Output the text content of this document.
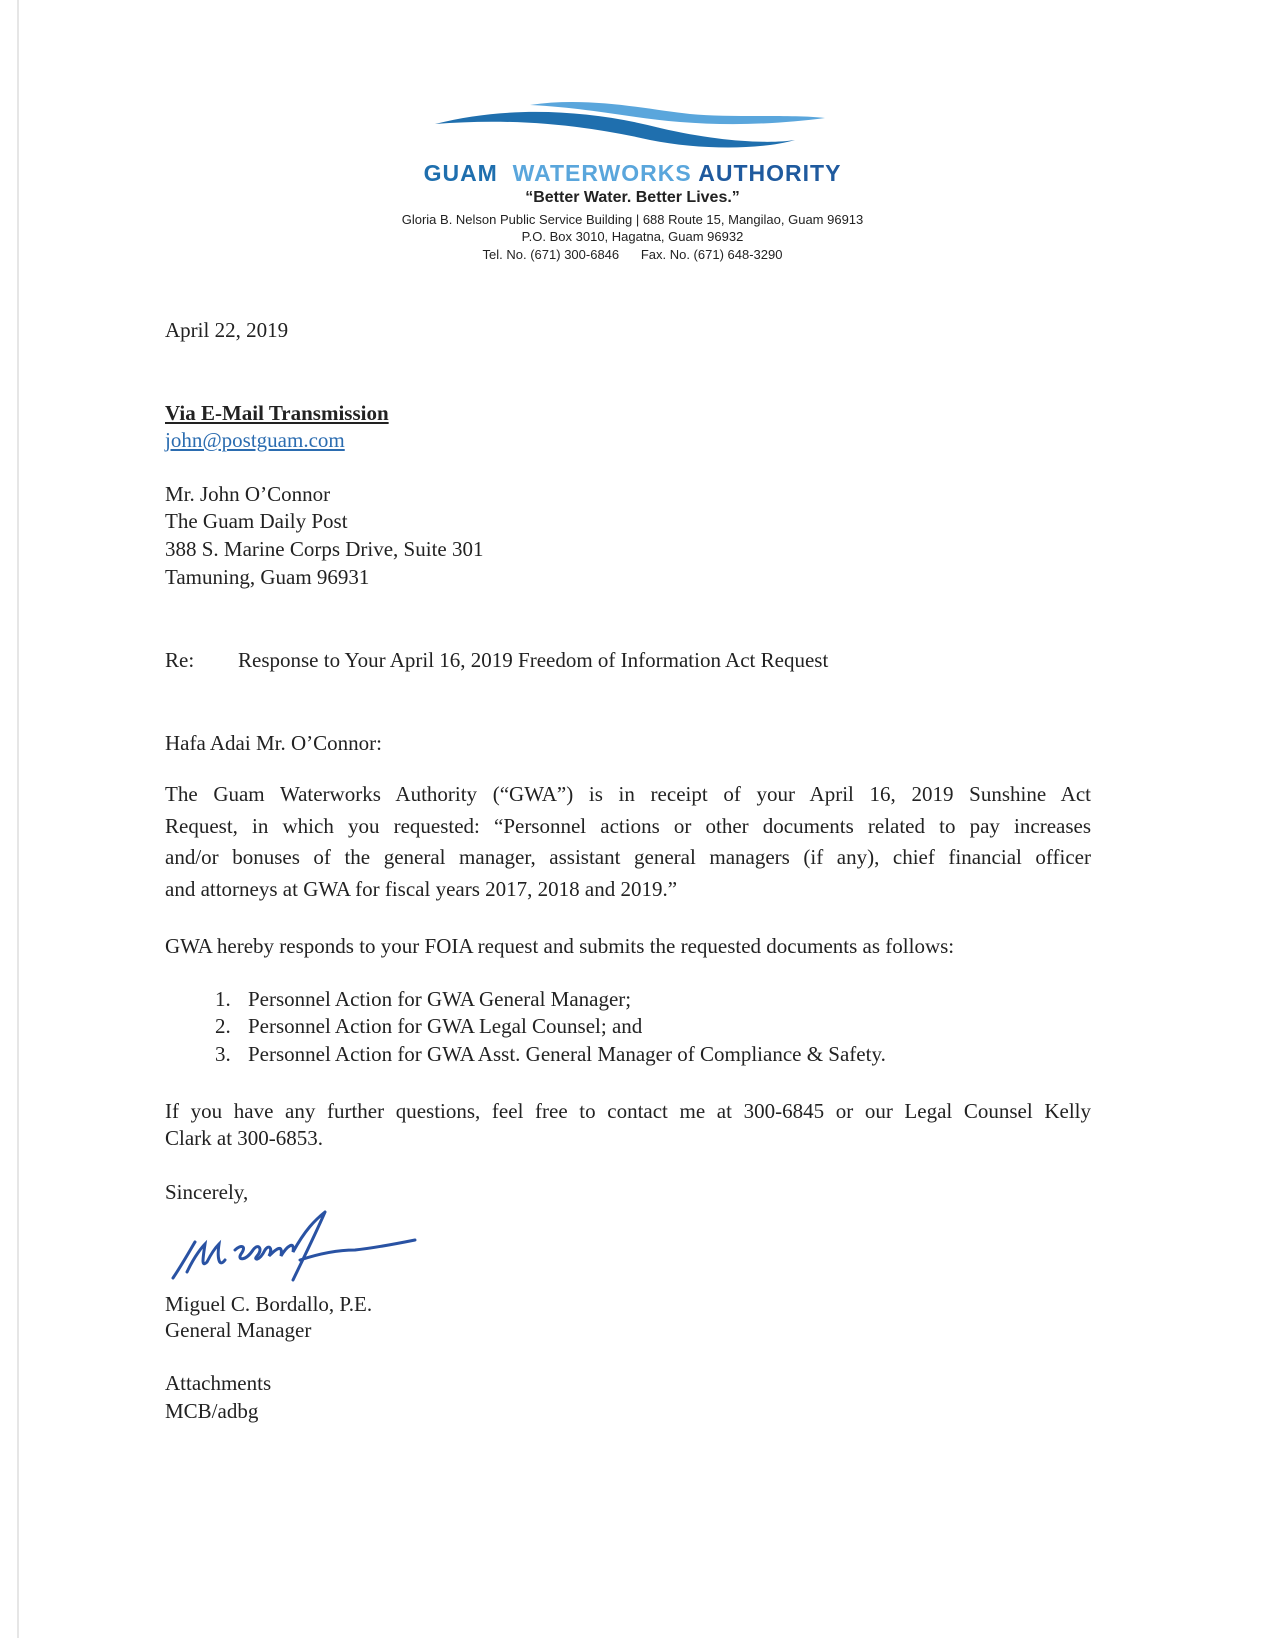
GUAM WATERWORKS AUTHORITY
“Better Water. Better Lives.”
Gloria B. Nelson Public Service Building | 688 Route 15, Mangilao, Guam 96913
P.O. Box 3010, Hagatna, Guam 96932
Tel. No. (671) 300-6846 Fax. No. (671) 648-3290
April 22, 2019
Via E-Mail Transmission
john@postguam.com
Mr. John O’Connor
The Guam Daily Post
388 S. Marine Corps Drive, Suite 301
Tamuning, Guam 96931
Re: Response to Your April 16, 2019 Freedom of Information Act Request
Hafa Adai Mr. O’Connor:
The Guam Waterworks Authority (“GWA”) is in receipt of your April 16, 2019 Sunshine Act
Request, in which you requested: “Personnel actions or other documents related to pay increases
and/or bonuses of the general manager, assistant general managers (if any), chief financial officer
and attorneys at GWA for fiscal years 2017, 2018 and 2019.”
GWA hereby responds to your FOIA request and submits the requested documents as follows:
1. Personnel Action for GWA General Manager;
2. Personnel Action for GWA Legal Counsel; and
3. Personnel Action for GWA Asst. General Manager of Compliance & Safety.
If you have any further questions, feel free to contact me at 300-6845 or our Legal Counsel Kelly
Clark at 300-6853.
Sincerely,
Miguel C. Bordallo, P.E.
General Manager
Attachments
MCB/adbg
